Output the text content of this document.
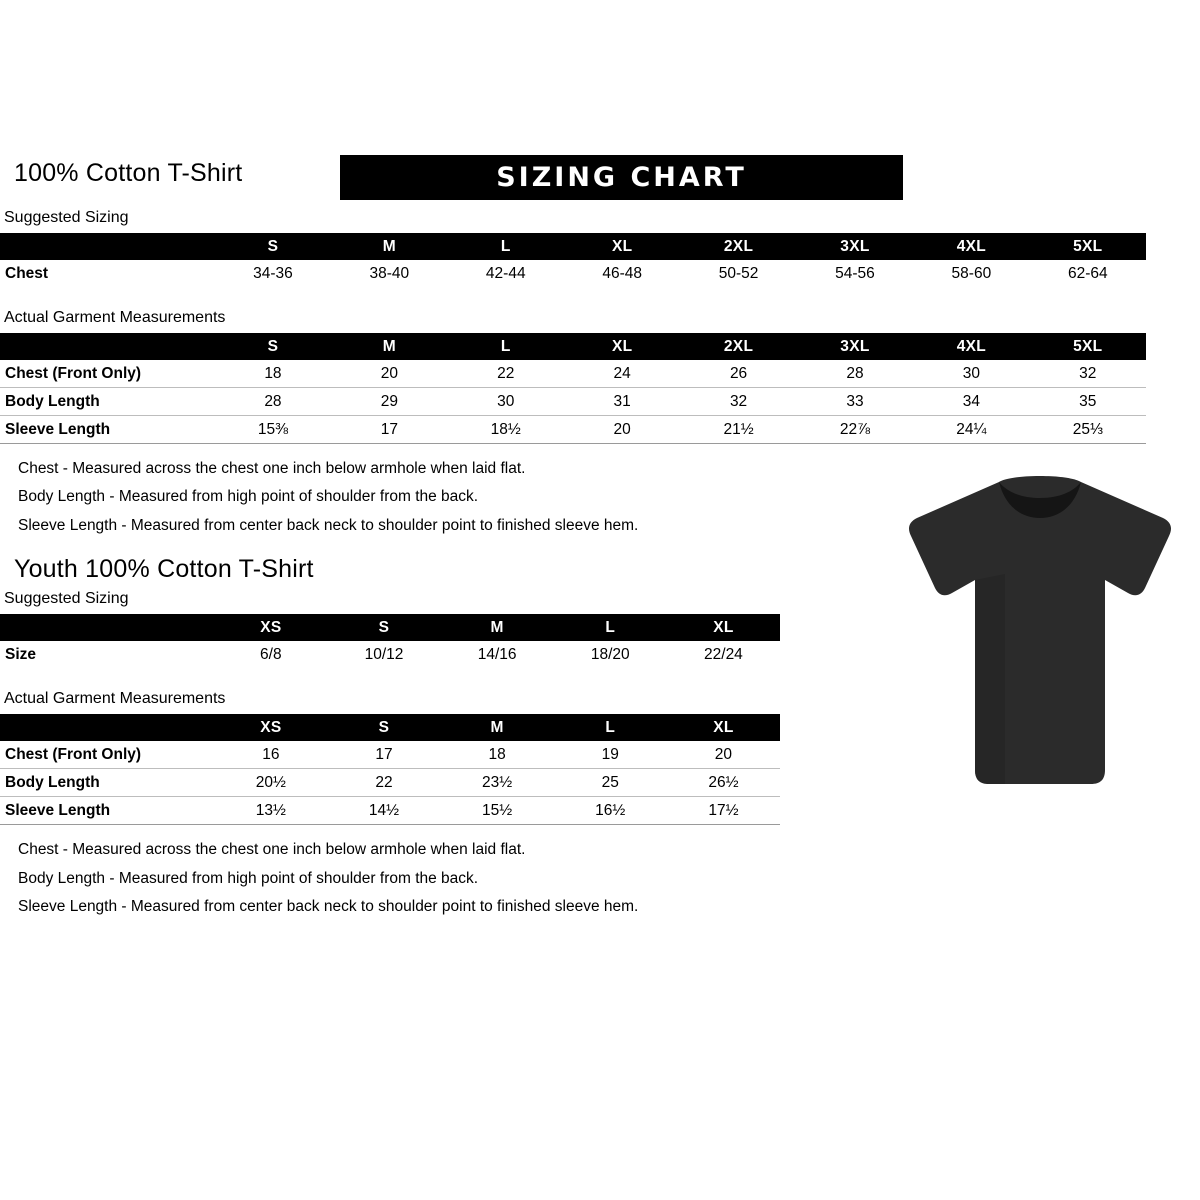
100% Cotton T-Shirt	SIZING CHART
Suggested Sizing
	S	M	L	XL	2XL	3XL	4XL	5XL
Chest	34-36	38-40	42-44	46-48	50-52	54-56	58-60	62-64
Actual Garment Measurements
	S	M	L	XL	2XL	3XL	4XL	5XL
Chest (Front Only)	18	20	22	24	26	28	30	32
Body Length	28	29	30	31	32	33	34	35
Sleeve Length	15⅜	17	18½	20	21½	22⅞	24¼	25⅓

Chest - Measured across the chest one inch below armhole when laid flat.

Body Length - Measured from high point of shoulder from the back.

Sleeve Length - Measured from center back neck to shoulder point to finished sleeve hem.

Youth 100% Cotton T-Shirt
Suggested Sizing
	XS	S	M	L	XL
Size	6/8	10/12	14/16	18/20	22/24
Actual Garment Measurements
	XS	S	M	L	XL
Chest (Front Only)	16	17	18	19	20
Body Length	20½	22	23½	25	26½
Sleeve Length	13½	14½	15½	16½	17½

Chest - Measured across the chest one inch below armhole when laid flat.

Body Length - Measured from high point of shoulder from the back.

Sleeve Length - Measured from center back neck to shoulder point to finished sleeve hem.
